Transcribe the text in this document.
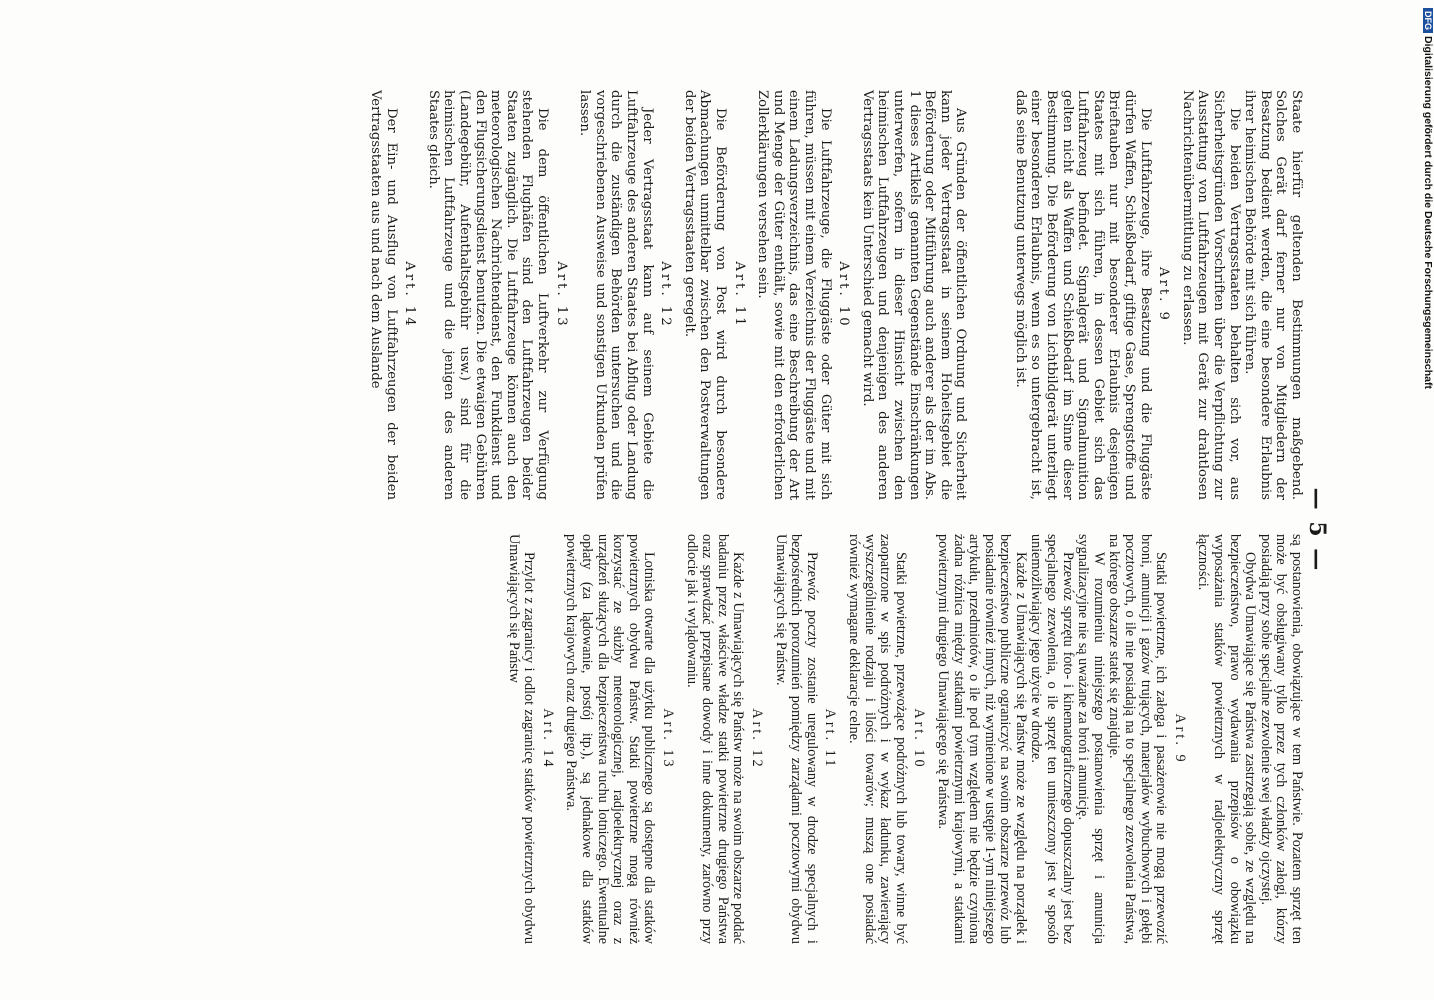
— 5 —

Staate hierfür geltenden Bestimmungen maßgebend. Solches Gerät darf ferner nur von Mitgliedern der Besatzung bedient werden, die eine besondere Erlaubnis ihrer heimischen Behörde mit sich führen.

Die beiden Vertragsstaaten behalten sich vor, aus Sicherheitsgründen Vorschriften über die Verpflichtung zur Ausstattung von Luftfahrzeugen mit Gerät zur drahtlosen Nachrichtenübermittlung zu erlassen.

Art. 9

Die Luftfahrzeuge, ihre Besatzung und die Fluggäste dürfen Waffen, Schießbedarf, giftige Gase, Sprengstoffe und Brieftauben nur mit besonderer Erlaubnis desjenigen Staates mit sich führen, in dessen Gebiet sich das Luftfahrzeug befindet. Signalgerät und Signalmunition gelten nicht als Waffen und Schießbedarf im Sinne dieser Bestimmung. Die Beförderung von Lichtbildgerät unterliegt einer besonderen Erlaubnis, wenn es so untergebracht ist, daß seine Benutzung unterwegs möglich ist.

Aus Gründen der öffentlichen Ordnung und Sicherheit kann jeder Vertragsstaat in seinem Hoheitsgebiet die Beförderung oder Mitführung auch anderer als der im Abs. 1 dieses Artikels genannten Gegenstände Einschränkungen unterwerfen, sofern in dieser Hinsicht zwischen den heimischen Luftfahrzeugen und denjenigen des anderen Vertragsstaats kein Unterschied gemacht wird.

Art. 10

Die Luftfahrzeuge, die Fluggäste oder Güter mit sich führen, müssen mit einem Verzeichnis der Fluggäste und mit einem Ladungsverzeichnis, das eine Beschreibung der Art und Menge der Güter enthält, sowie mit den erforderlichen Zollerklärungen versehen sein.

Art. 11

Die Beförderung von Post wird durch besondere Abmachungen unmittelbar zwischen den Postverwaltungen der beiden Vertragsstaaten geregelt.

Art. 12

Jeder Vertragsstaat kann auf seinem Gebiete die Luftfahrzeuge des anderen Staates bei Abflug oder Landung durch die zuständigen Behörden untersuchen und die vorgeschriebenen Ausweise und sonstigen Urkunden prüfen lassen.

Art. 13

Die dem öffentlichen Luftverkehr zur Verfügung stehenden Flughäfen sind den Luftfahrzeugen beider Staaten zugänglich. Die Luftfahrzeuge können auch den meteorologischen Nachrichtendienst, den Funkdienst und den Flugsicherungsdienst benutzen. Die etwaigen Gebühren (Landegebühr, Aufenthaltsgebühr usw.) sind für die heimischen Luftfahrzeuge und die jenigen des anderen Staates gleich.

Art. 14

Der Ein- und Ausflug von Luftfahrzeugen der beiden Vertragsstaaten aus und nach dem Auslande

są postanowienia, obowiązujące w tem Państwie. Pozatem sprzęt ten może być obsługiwany tylko przez tych członków załogi, którzy posiadają przy sobie specjalne zezwolenie swej władzy ojczystej.

Obydwa Umawiające się Państwa zastrzegają sobie, ze względu na bezpieczeństwo, prawo wydawania przepisów o obowiązku wyposażania statków powietrznych w radjoelektryczny sprzęt łączności.

Art. 9

Statki powietrzne, ich załoga i pasażerowie nie mogą przewozić broni, amunicji i gazów trujących, materjałów wybuchowych i gołębi pocztowych, o ile nie posiadają na to specjalnego zezwolenia Państwa, na którego obszarze statek się znajduje.

W rozumieniu niniejszego postanowienia sprzęt i amunicja sygnalizacyjne nie są uważane za broń i amunicję.

Przewóz sprzętu foto- i kinematograficznego dopuszczalny jest bez specjalnego zezwolenia, o ile sprzęt ten umieszczony jest w sposób uniemożliwiający jego użycie w drodze.

Każde z Umawiających się Państw może ze względu na porządek i bezpieczeństwo publiczne ograniczyć na swoim obszarze przewóz lub posiadanie również innych, niż wymienione w ustępie 1-ym niniejszego artykułu, przedmiotów, o ile pod tym względem nie będzie czyniona żadna różnica między statkami powietrznymi krajowymi, a statkami powietrznymi drugiego Umawiającego się Państwa.

Art. 10

Statki powietrzne, przewożące podróżnych lub towary, winne być zaopatrzone w spis podróżnych i w wykaz ładunku, zawierający wyszczególnienie rodzaju i ilości towarów; muszą one posiadać również wymagane deklaracje celne.

Art. 11

Przewóz poczty zostanie uregulowany w drodze specjalnych i bezpośrednich porozumień pomiędzy zarządami pocztowymi obydwu Umawiających się Państw.

Art. 12

Każde z Umawiających się Państw może na swoim obszarze poddać badaniu przez właściwe władze statki powietrzne drugiego Państwa oraz sprawdzać przepisane dowody i inne dokumenty, zarówno przy odlocie jak i wylądowaniu.

Art. 13

Lotniska otwarte dla użytku publicznego są dostępne dla statków powietrznych obydwu Państw. Statki powietrzne mogą również korzystać ze służby meteorologicznej, radjoelektrycznej oraz z urządzeń służących dla bezpieczeństwa ruchu lotniczego. Ewentualne opłaty (za lądowanie, postój itp.), są jednakowe dla statków powietrznych krajowych oraz drugiego Państwa.

Art. 14

Przylot z zagranicy i odlot zagranicę statków powietrznych obydwu Umawiających się Państw

DFGDigitalisierung gefördert durch die Deutsche Forschungsgemeinschaft
